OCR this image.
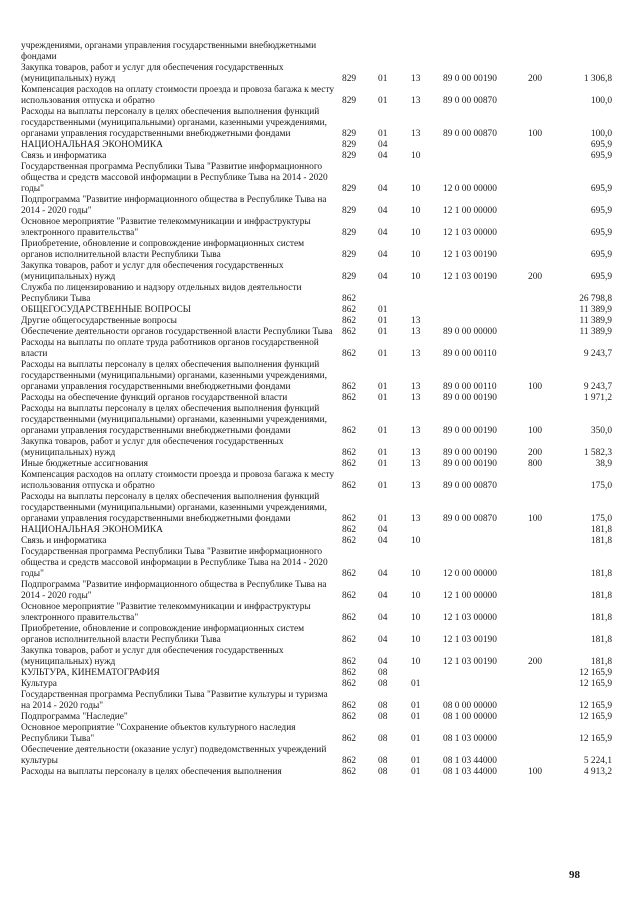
учреждениями, органами управления государственными внебюджетными фондами						
Закупка товаров, работ и услуг для обеспечения государственных (муниципальных) нужд	829	01	13	89 0 00 00190	200	1 306,8
Компенсация расходов на оплату стоимости проезда и провоза багажа к месту использования отпуска и обратно	829	01	13	89 0 00 00870		100,0
Расходы на выплаты персоналу в целях обеспечения выполнения функций государственными (муниципальными) органами, казенными учреждениями, органами управления государственными внебюджетными фондами	829	01	13	89 0 00 00870	100	100,0
НАЦИОНАЛЬНАЯ ЭКОНОМИКА	829	04				695,9
Связь и информатика	829	04	10			695,9
Государственная программа Республики Тыва "Развитие информационного общества и средств массовой информации в Республике Тыва на 2014 - 2020 годы"	829	04	10	12 0 00 00000		695,9
Подпрограмма "Развитие информационного общества в Республике Тыва на 2014 - 2020 годы"	829	04	10	12 1 00 00000		695,9
Основное мероприятие "Развитие телекоммуникации и инфраструктуры электронного правительства"	829	04	10	12 1 03 00000		695,9
Приобретение, обновление и сопровождение информационных систем органов исполнительной власти Республики Тыва	829	04	10	12 1 03 00190		695,9
Закупка товаров, работ и услуг для обеспечения государственных (муниципальных) нужд	829	04	10	12 1 03 00190	200	695,9
Служба по лицензированию и надзору отдельных видов деятельности Республики Тыва	862					26 798,8
ОБЩЕГОСУДАРСТВЕННЫЕ ВОПРОСЫ	862	01				11 389,9
Другие общегосударственные вопросы	862	01	13			11 389,9
Обеспечение деятельности органов государственной власти Республики Тыва	862	01	13	89 0 00 00000		11 389,9
Расходы на выплаты по оплате труда работников органов государственной власти	862	01	13	89 0 00 00110		9 243,7
Расходы на выплаты персоналу в целях обеспечения выполнения функций государственными (муниципальными) органами, казенными учреждениями, органами управления государственными внебюджетными фондами	862	01	13	89 0 00 00110	100	9 243,7
Расходы на обеспечение функций органов государственной власти	862	01	13	89 0 00 00190		1 971,2
Расходы на выплаты персоналу в целях обеспечения выполнения функций государственными (муниципальными) органами, казенными учреждениями, органами управления государственными внебюджетными фондами	862	01	13	89 0 00 00190	100	350,0
Закупка товаров, работ и услуг для обеспечения государственных (муниципальных) нужд	862	01	13	89 0 00 00190	200	1 582,3
Иные бюджетные ассигнования	862	01	13	89 0 00 00190	800	38,9
Компенсация расходов на оплату стоимости проезда и провоза багажа к месту использования отпуска и обратно	862	01	13	89 0 00 00870		175,0
Расходы на выплаты персоналу в целях обеспечения выполнения функций государственными (муниципальными) органами, казенными учреждениями, органами управления государственными внебюджетными фондами	862	01	13	89 0 00 00870	100	175,0
НАЦИОНАЛЬНАЯ ЭКОНОМИКА	862	04				181,8
Связь и информатика	862	04	10			181,8
Государственная программа Республики Тыва "Развитие информационного общества и средств массовой информации в Республике Тыва на 2014 - 2020 годы"	862	04	10	12 0 00 00000		181,8
Подпрограмма "Развитие информационного общества в Республике Тыва на 2014 - 2020 годы"	862	04	10	12 1 00 00000		181,8
Основное мероприятие "Развитие телекоммуникации и инфраструктуры электронного правительства"	862	04	10	12 1 03 00000		181,8
Приобретение, обновление и сопровождение информационных систем органов исполнительной власти Республики Тыва	862	04	10	12 1 03 00190		181,8
Закупка товаров, работ и услуг для обеспечения государственных (муниципальных) нужд	862	04	10	12 1 03 00190	200	181,8
КУЛЬТУРА, КИНЕМАТОГРАФИЯ	862	08				12 165,9
Культура	862	08	01			12 165,9
Государственная программа Республики Тыва "Развитие культуры и туризма на 2014 - 2020 годы"	862	08	01	08 0 00 00000		12 165,9
Подпрограмма "Наследие"	862	08	01	08 1 00 00000		12 165,9
Основное мероприятие "Сохранение объектов культурного наследия Республики Тыва"	862	08	01	08 1 03 00000		12 165,9
Обеспечение деятельности (оказание услуг) подведомственных учреждений культуры	862	08	01	08 1 03 44000		5 224,1
Расходы на выплаты персоналу в целях обеспечения выполнения	862	08	01	08 1 03 44000	100	4 913,2
98
